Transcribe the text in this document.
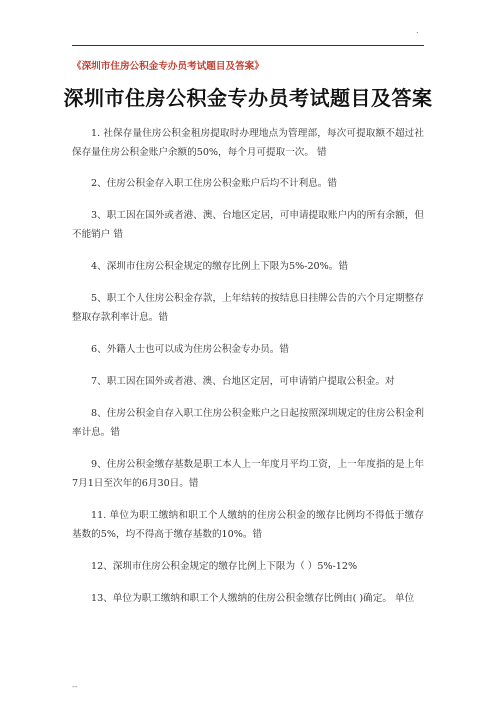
.
《深圳市住房公积金专办员考试题目及答案》
深圳市住房公积金专办员考试题目及答案

1. 社保存量住房公积金租房提取时办理地点为管理部，每次可提取额不超过社保存量住房公积金账户余额的50%，每个月可提取一次。 错

2、住房公积金存入职工住房公积金账户后均不计利息。错

3、职工因在国外或者港、澳、台地区定居，可申请提取账户内的所有余额，但不能销户 错

4、深圳市住房公积金规定的缴存比例上下限为5%-20%。错

5、职工个人住房公积金存款，上年结转的按结息日挂牌公告的六个月定期整存整取存款利率计息。错

6、外籍人士也可以成为住房公积金专办员。错

7、职工因在国外或者港、澳、台地区定居，可申请销户提取公积金。对

8、住房公积金自存入职工住房公积金账户之日起按照深圳规定的住房公积金利率计息。错

9、住房公积金缴存基数是职工本人上一年度月平均工资，上一年度指的是上年7月1日至次年的6月30日。错

11. 单位为职工缴纳和职工个人缴纳的住房公积金的缴存比例均不得低于缴存基数的5%，均不得高于缴存基数的10%。错

12、深圳市住房公积金规定的缴存比例上下限为（ ）5%-12%

13、单位为职工缴纳和职工个人缴纳的住房公积金缴存比例由( )确定。 单位

--
